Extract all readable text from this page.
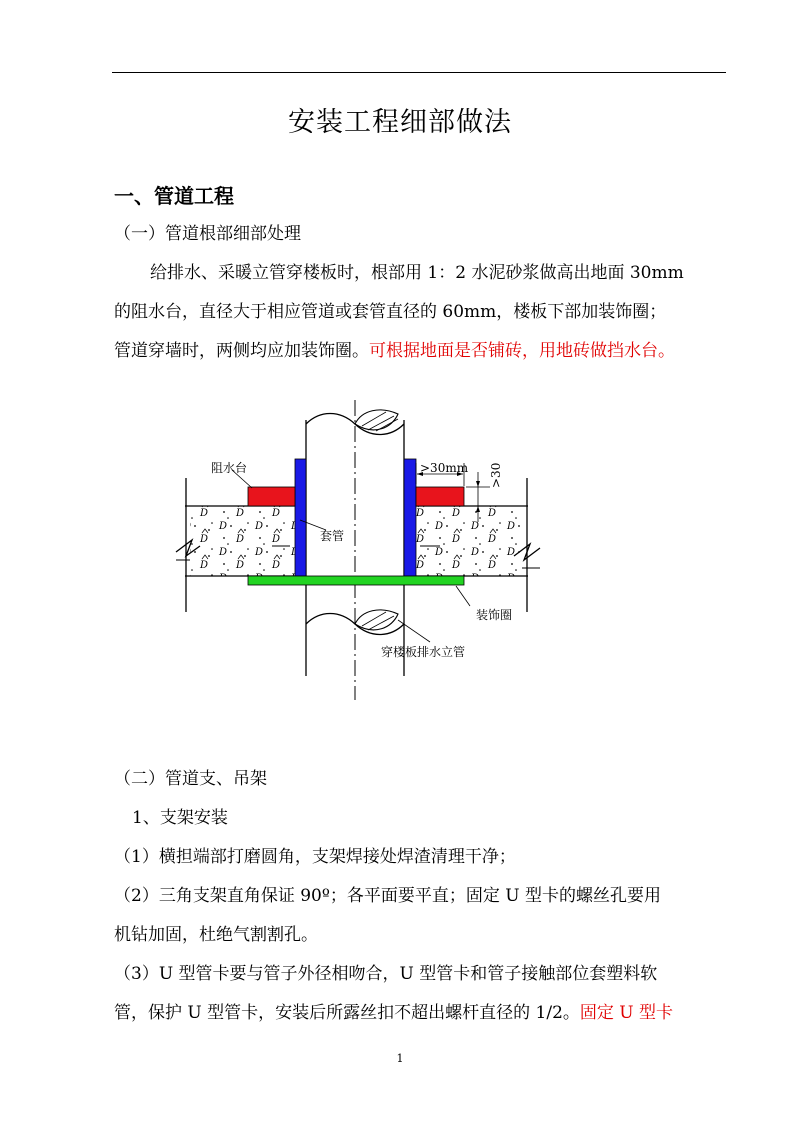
安装工程细部做法
一、管道工程
（一）管道根部细部处理
给排水、采暖立管穿楼板时，根部用 1：2 水泥砂浆做高出地面 30mm
的阻水台，直径大于相应管道或套管直径的 60mm，楼板下部加装饰圈；
管道穿墙时，两侧均应加装饰圈。可根据地面是否铺砖，用地砖做挡水台。
阻水台	>30mm >30
套管
装饰圈
穿楼板排水立管
（二）管道支、吊架
1、支架安装
（1）横担端部打磨圆角，支架焊接处焊渣清理干净；
（2）三角支架直角保证 90º；各平面要平直；固定 U 型卡的螺丝孔要用
机钻加固，杜绝气割割孔。
（3）U 型管卡要与管子外径相吻合，U 型管卡和管子接触部位套塑料软
管，保护 U 型管卡，安装后所露丝扣不超出螺杆直径的 1/2。固定 U 型卡
1
